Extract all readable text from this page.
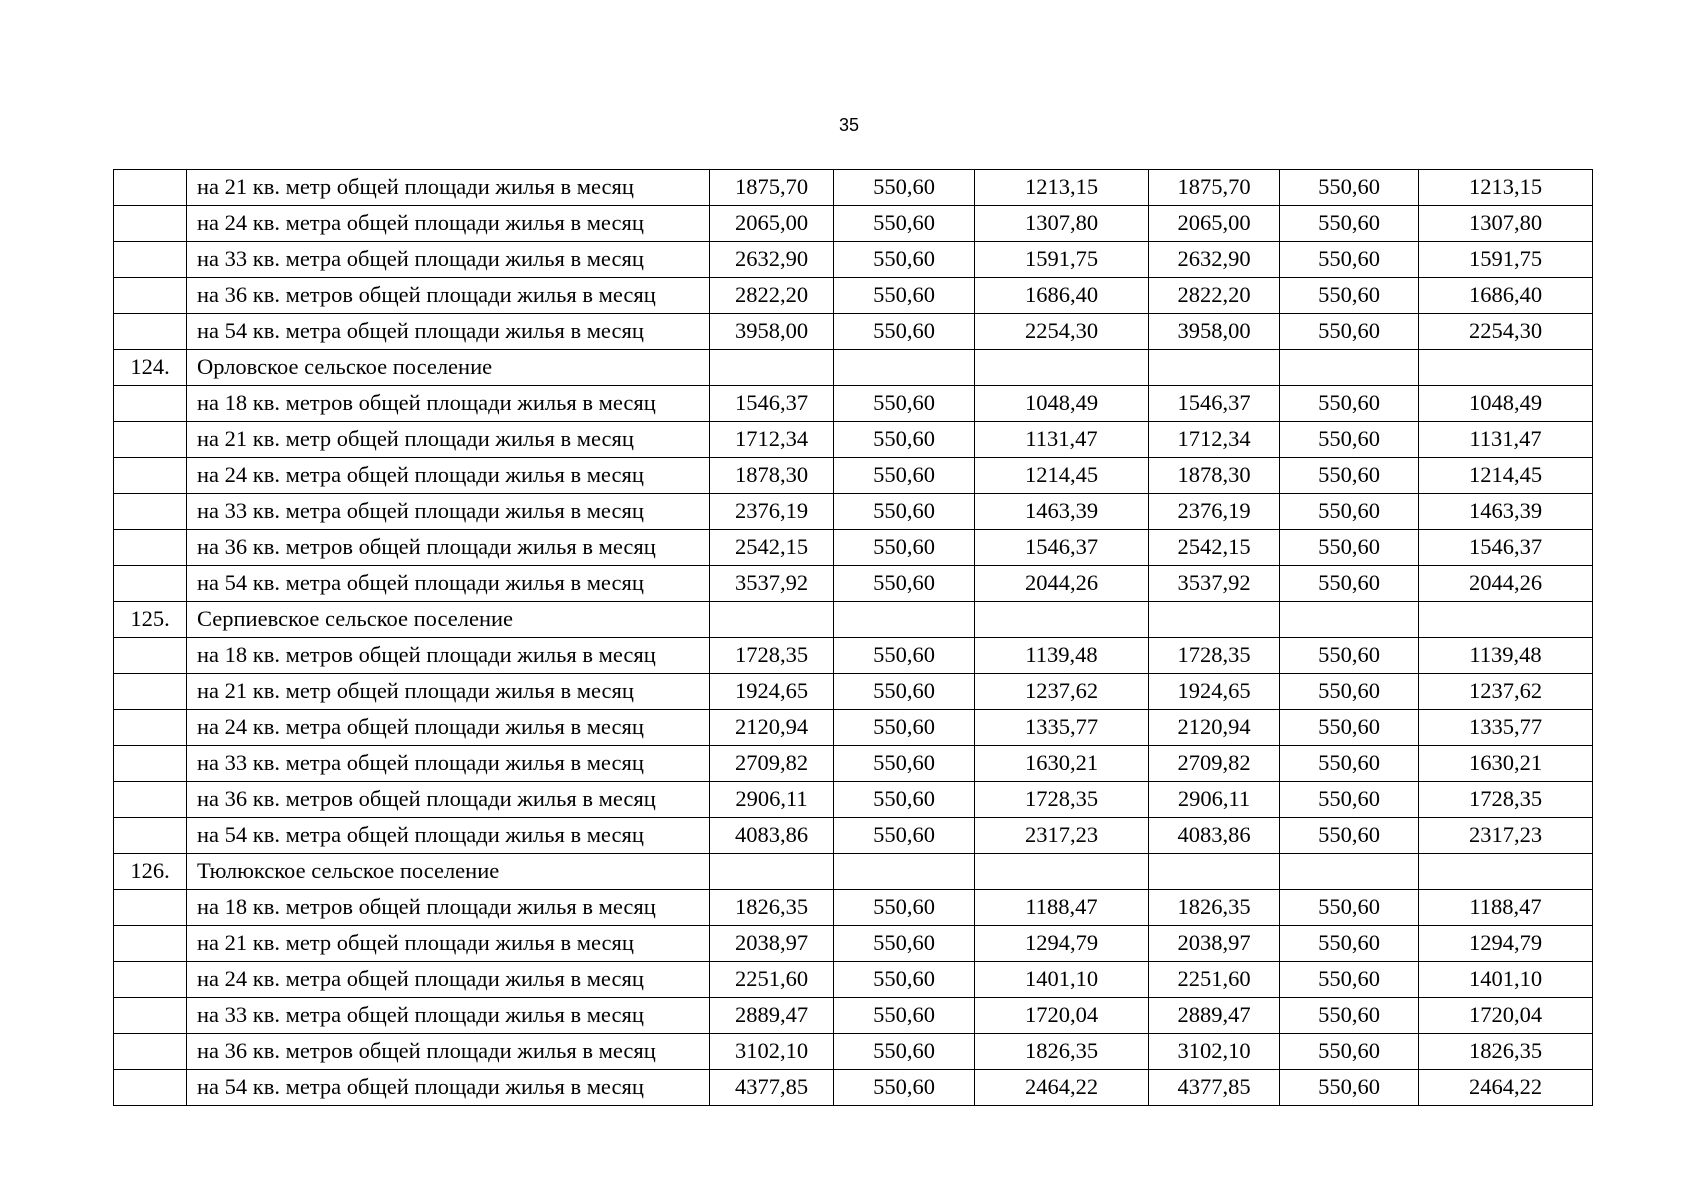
35
	на 21 кв. метр общей площади жилья в месяц	1875,70	550,60	1213,15	1875,70	550,60	1213,15
	на 24 кв. метра общей площади жилья в месяц	2065,00	550,60	1307,80	2065,00	550,60	1307,80
	на 33 кв. метра общей площади жилья в месяц	2632,90	550,60	1591,75	2632,90	550,60	1591,75
	на 36 кв. метров общей площади жилья в месяц	2822,20	550,60	1686,40	2822,20	550,60	1686,40
	на 54 кв. метра общей площади жилья в месяц	3958,00	550,60	2254,30	3958,00	550,60	2254,30
124.	Орловское сельское поселение						
	на 18 кв. метров общей площади жилья в месяц	1546,37	550,60	1048,49	1546,37	550,60	1048,49
	на 21 кв. метр общей площади жилья в месяц	1712,34	550,60	1131,47	1712,34	550,60	1131,47
	на 24 кв. метра общей площади жилья в месяц	1878,30	550,60	1214,45	1878,30	550,60	1214,45
	на 33 кв. метра общей площади жилья в месяц	2376,19	550,60	1463,39	2376,19	550,60	1463,39
	на 36 кв. метров общей площади жилья в месяц	2542,15	550,60	1546,37	2542,15	550,60	1546,37
	на 54 кв. метра общей площади жилья в месяц	3537,92	550,60	2044,26	3537,92	550,60	2044,26
125.	Серпиевское сельское поселение						
	на 18 кв. метров общей площади жилья в месяц	1728,35	550,60	1139,48	1728,35	550,60	1139,48
	на 21 кв. метр общей площади жилья в месяц	1924,65	550,60	1237,62	1924,65	550,60	1237,62
	на 24 кв. метра общей площади жилья в месяц	2120,94	550,60	1335,77	2120,94	550,60	1335,77
	на 33 кв. метра общей площади жилья в месяц	2709,82	550,60	1630,21	2709,82	550,60	1630,21
	на 36 кв. метров общей площади жилья в месяц	2906,11	550,60	1728,35	2906,11	550,60	1728,35
	на 54 кв. метра общей площади жилья в месяц	4083,86	550,60	2317,23	4083,86	550,60	2317,23
126.	Тюлюкское сельское поселение						
	на 18 кв. метров общей площади жилья в месяц	1826,35	550,60	1188,47	1826,35	550,60	1188,47
	на 21 кв. метр общей площади жилья в месяц	2038,97	550,60	1294,79	2038,97	550,60	1294,79
	на 24 кв. метра общей площади жилья в месяц	2251,60	550,60	1401,10	2251,60	550,60	1401,10
	на 33 кв. метра общей площади жилья в месяц	2889,47	550,60	1720,04	2889,47	550,60	1720,04
	на 36 кв. метров общей площади жилья в месяц	3102,10	550,60	1826,35	3102,10	550,60	1826,35
	на 54 кв. метра общей площади жилья в месяц	4377,85	550,60	2464,22	4377,85	550,60	2464,22
